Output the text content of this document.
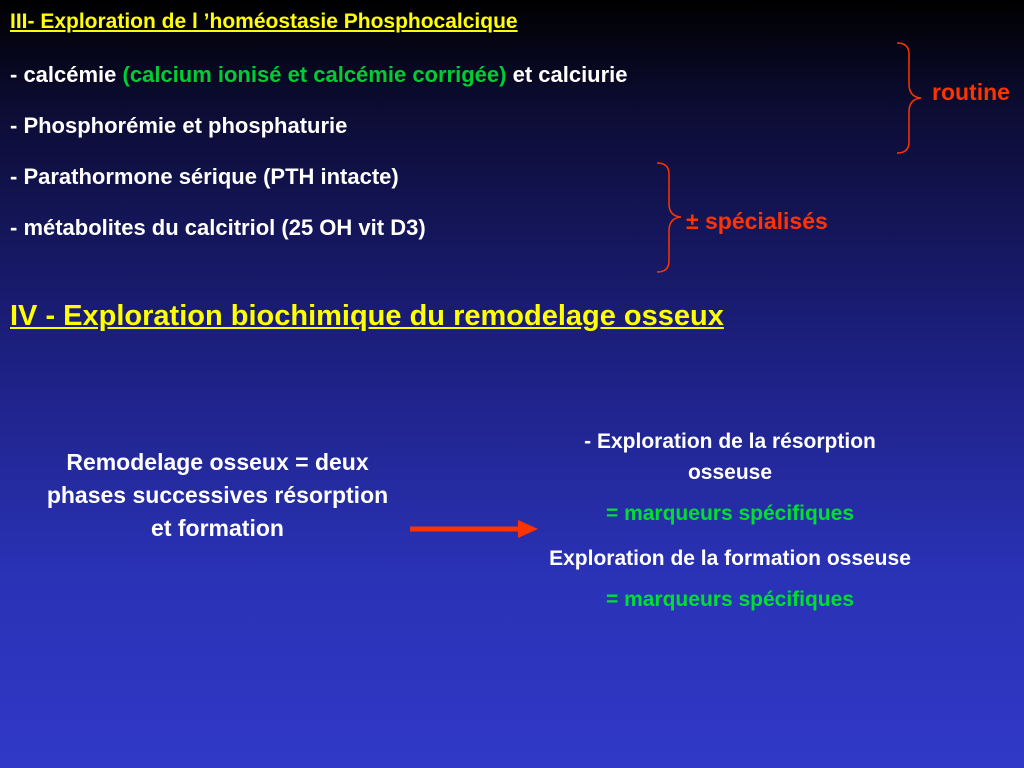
III- Exploration de l ’homéostasie Phosphocalcique
- calcémie (calcium ionisé et calcémie corrigée) et calciurie
- Phosphorémie et phosphaturie
- Parathormone sérique (PTH intacte)
- métabolites du calcitriol (25 OH vit D3)
routine
± spécialisés
IV - Exploration biochimique du remodelage osseux
Remodelage osseux = deux phases successives résorption et formation

- Exploration de la résorption osseuse

= marqueurs spécifiques

Exploration de la formation osseuse

= marqueurs spécifiques
